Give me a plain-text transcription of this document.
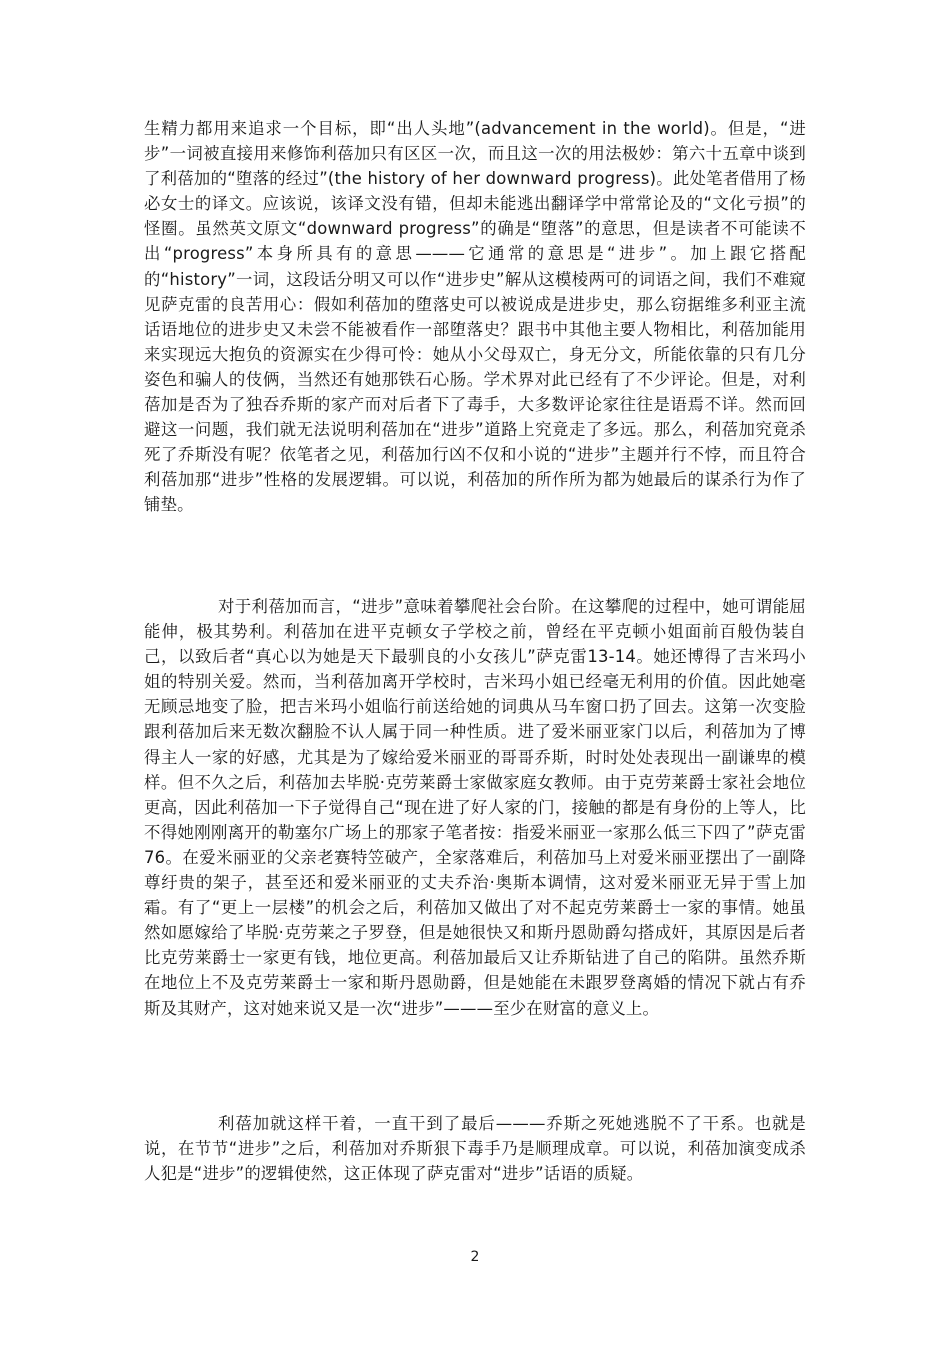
生精力都用来追求一个目标，即“出人头地”(advancement in the world)。但是，“进步”一词被直接用来修饰利蓓加只有区区一次，而且这一次的用法极妙：第六十五章中谈到了利蓓加的“堕落的经过”(the history of her downward progress)。此处笔者借用了杨必女士的译文。应该说，该译文没有错，但却未能逃出翻译学中常常论及的“文化亏损”的怪圈。虽然英文原文“downward progress”的确是“堕落”的意思，但是读者不可能读不出“progress”本身所具有的意思———它通常的意思是“进步”。加上跟它搭配的“history”一词，这段话分明又可以作“进步史”解从这模棱两可的词语之间，我们不难窥见萨克雷的良苦用心：假如利蓓加的堕落史可以被说成是进步史，那么窃据维多利亚主流话语地位的进步史又未尝不能被看作一部堕落史？跟书中其他主要人物相比，利蓓加能用来实现远大抱负的资源实在少得可怜：她从小父母双亡，身无分文，所能依靠的只有几分姿色和骗人的伎俩，当然还有她那铁石心肠。学术界对此已经有了不少评论。但是，对利蓓加是否为了独吞乔斯的家产而对后者下了毒手，大多数评论家往往是语焉不详。然而回避这一问题，我们就无法说明利蓓加在“进步”道路上究竟走了多远。那么，利蓓加究竟杀死了乔斯没有呢？依笔者之见，利蓓加行凶不仅和小说的“进步”主题并行不悖，而且符合利蓓加那“进步”性格的发展逻辑。可以说，利蓓加的所作所为都为她最后的谋杀行为作了铺垫。

对于利蓓加而言，“进步”意味着攀爬社会台阶。在这攀爬的过程中，她可谓能屈能伸，极其势利。利蓓加在进平克顿女子学校之前，曾经在平克顿小姐面前百般伪装自己，以致后者“真心以为她是天下最驯良的小女孩儿”萨克雷13-14。她还博得了吉米玛小姐的特别关爱。然而，当利蓓加离开学校时，吉米玛小姐已经毫无利用的价值。因此她毫无顾忌地变了脸，把吉米玛小姐临行前送给她的词典从马车窗口扔了回去。这第一次变脸跟利蓓加后来无数次翻脸不认人属于同一种性质。进了爱米丽亚家门以后，利蓓加为了博得主人一家的好感，尤其是为了嫁给爱米丽亚的哥哥乔斯，时时处处表现出一副谦卑的模样。但不久之后，利蓓加去毕脱·克劳莱爵士家做家庭女教师。由于克劳莱爵士家社会地位更高，因此利蓓加一下子觉得自己“现在进了好人家的门，接触的都是有身份的上等人，比不得她刚刚离开的勒塞尔广场上的那家子笔者按：指爱米丽亚一家那么低三下四了”萨克雷76。在爱米丽亚的父亲老赛特笠破产，全家落难后，利蓓加马上对爱米丽亚摆出了一副降尊纡贵的架子，甚至还和爱米丽亚的丈夫乔治·奥斯本调情，这对爱米丽亚无异于雪上加霜。有了“更上一层楼”的机会之后，利蓓加又做出了对不起克劳莱爵士一家的事情。她虽然如愿嫁给了毕脱·克劳莱之子罗登，但是她很快又和斯丹恩勋爵勾搭成奸，其原因是后者比克劳莱爵士一家更有钱，地位更高。利蓓加最后又让乔斯钻进了自己的陷阱。虽然乔斯在地位上不及克劳莱爵士一家和斯丹恩勋爵，但是她能在未跟罗登离婚的情况下就占有乔斯及其财产，这对她来说又是一次“进步”———至少在财富的意义上。

利蓓加就这样干着，一直干到了最后———乔斯之死她逃脱不了干系。也就是说，在节节“进步”之后，利蓓加对乔斯狠下毒手乃是顺理成章。可以说，利蓓加演变成杀人犯是“进步”的逻辑使然，这正体现了萨克雷对“进步”话语的质疑。

2
